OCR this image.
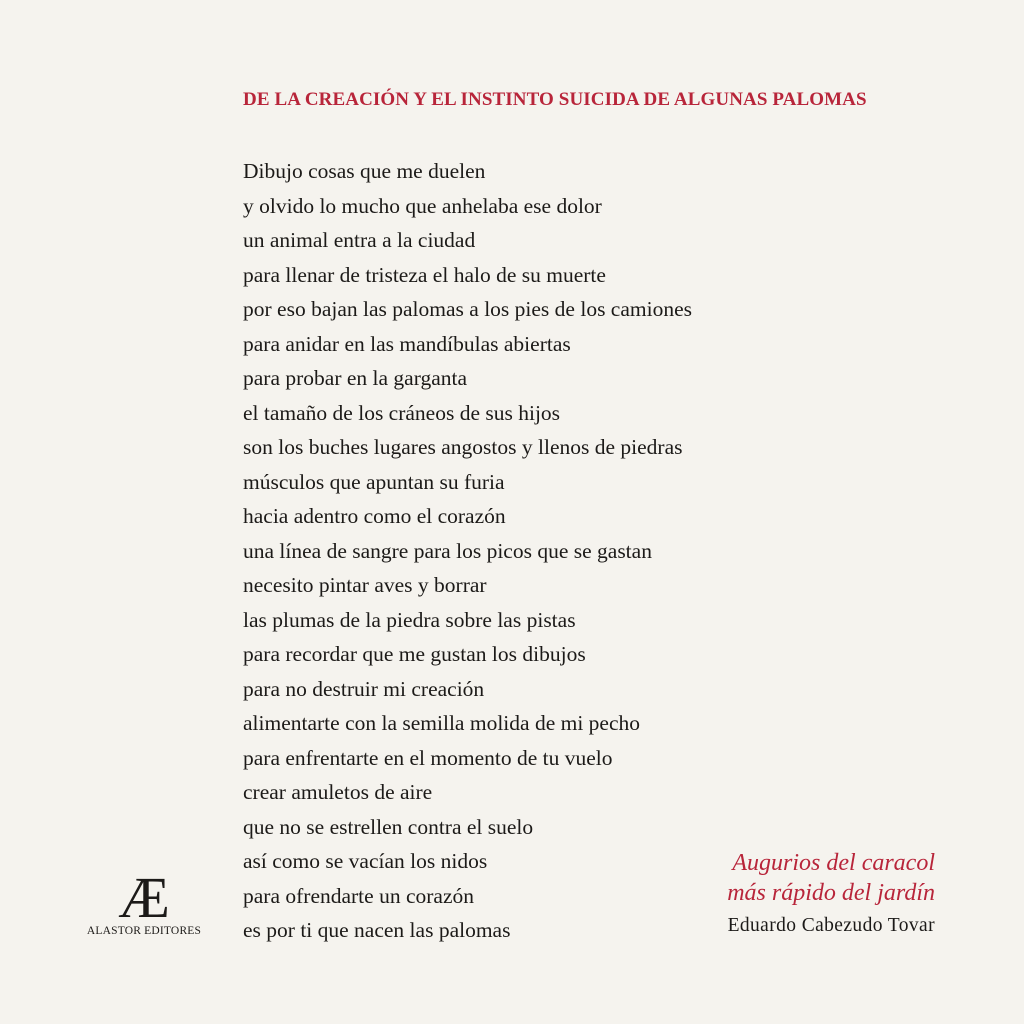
DE LA CREACIÓN Y EL INSTINTO SUICIDA DE ALGUNAS PALOMAS
Dibujo cosas que me duelen
y olvido lo mucho que anhelaba ese dolor
un animal entra a la ciudad
para llenar de tristeza el halo de su muerte
por eso bajan las palomas a los pies de los camiones
para anidar en las mandíbulas abiertas
para probar en la garganta
el tamaño de los cráneos de sus hijos
son los buches lugares angostos y llenos de piedras
músculos que apuntan su furia
hacia adentro como el corazón
una línea de sangre para los picos que se gastan
necesito pintar aves y borrar
las plumas de la piedra sobre las pistas
para recordar que me gustan los dibujos
para no destruir mi creación
alimentarte con la semilla molida de mi pecho
para enfrentarte en el momento de tu vuelo
crear amuletos de aire
que no se estrellen contra el suelo
así como se vacían los nidos
para ofrendarte un corazón
es por ti que nacen las palomas
Æ
ALASTOR EDITORES
Augurios del caracol
más rápido del jardín
Eduardo Cabezudo Tovar
